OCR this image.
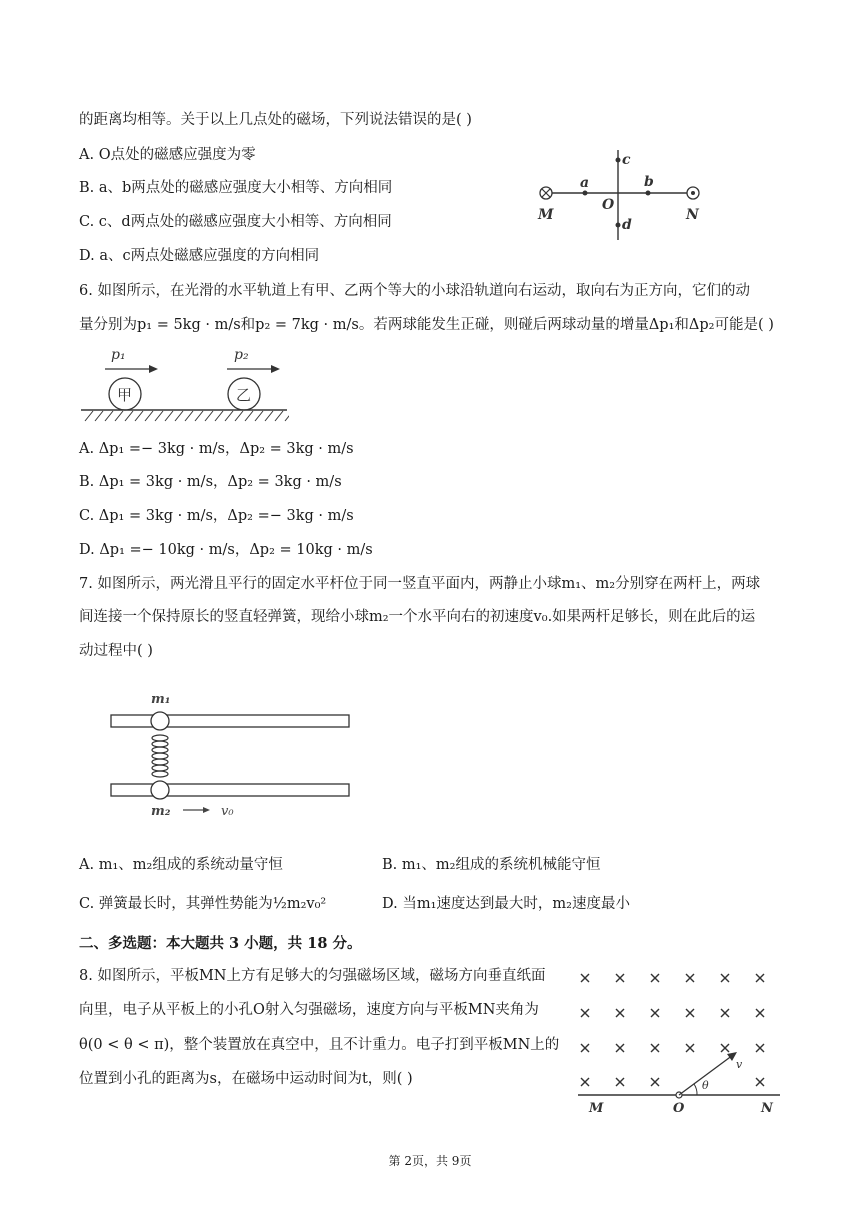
的距离均相等。关于以上几点处的磁场，下列说法错误的是( )
A. O点处的磁感应强度为零
B. a、b两点处的磁感应强度大小相等、方向相同
C. c、d两点处的磁感应强度大小相等、方向相同
D. a、c两点处磁感应强度的方向相同
M	N
O
a	b
c
d
6. 如图所示，在光滑的水平轨道上有甲、乙两个等大的小球沿轨道向右运动，取向右为正方向，它们的动
量分别为p₁ = 5kg · m/s和p₂ = 7kg · m/s。若两球能发生正碰，则碰后两球动量的增量Δp₁和Δp₂可能是( )
p₁	p₂
甲	乙
A. Δp₁ =− 3kg · m/s，Δp₂ = 3kg · m/s
B. Δp₁ = 3kg · m/s，Δp₂ = 3kg · m/s
C. Δp₁ = 3kg · m/s，Δp₂ =− 3kg · m/s
D. Δp₁ =− 10kg · m/s，Δp₂ = 10kg · m/s
7. 如图所示，两光滑且平行的固定水平杆位于同一竖直平面内，两静止小球m₁、m₂分别穿在两杆上，两球
间连接一个保持原长的竖直轻弹簧，现给小球m₂一个水平向右的初速度v₀.如果两杆足够长，则在此后的运
动过程中( )
m₁
m₂	v₀
A. m₁、m₂组成的系统动量守恒	B. m₁、m₂组成的系统机械能守恒
C. 弹簧最长时，其弹性势能为½m₂v₀²	D. 当m₁速度达到最大时，m₂速度最小
二、多选题：本大题共 3 小题，共 18 分。
8. 如图所示，平板MN上方有足够大的匀强磁场区域，磁场方向垂直纸面
向里，电子从平板上的小孔O射入匀强磁场，速度方向与平板MN夹角为
θ(0 < θ < π)，整个装置放在真空中，且不计重力。电子打到平板MN上的
位置到小孔的距离为s，在磁场中运动时间为t，则( )
v
θ
M	O	N
第 2页，共 9页
